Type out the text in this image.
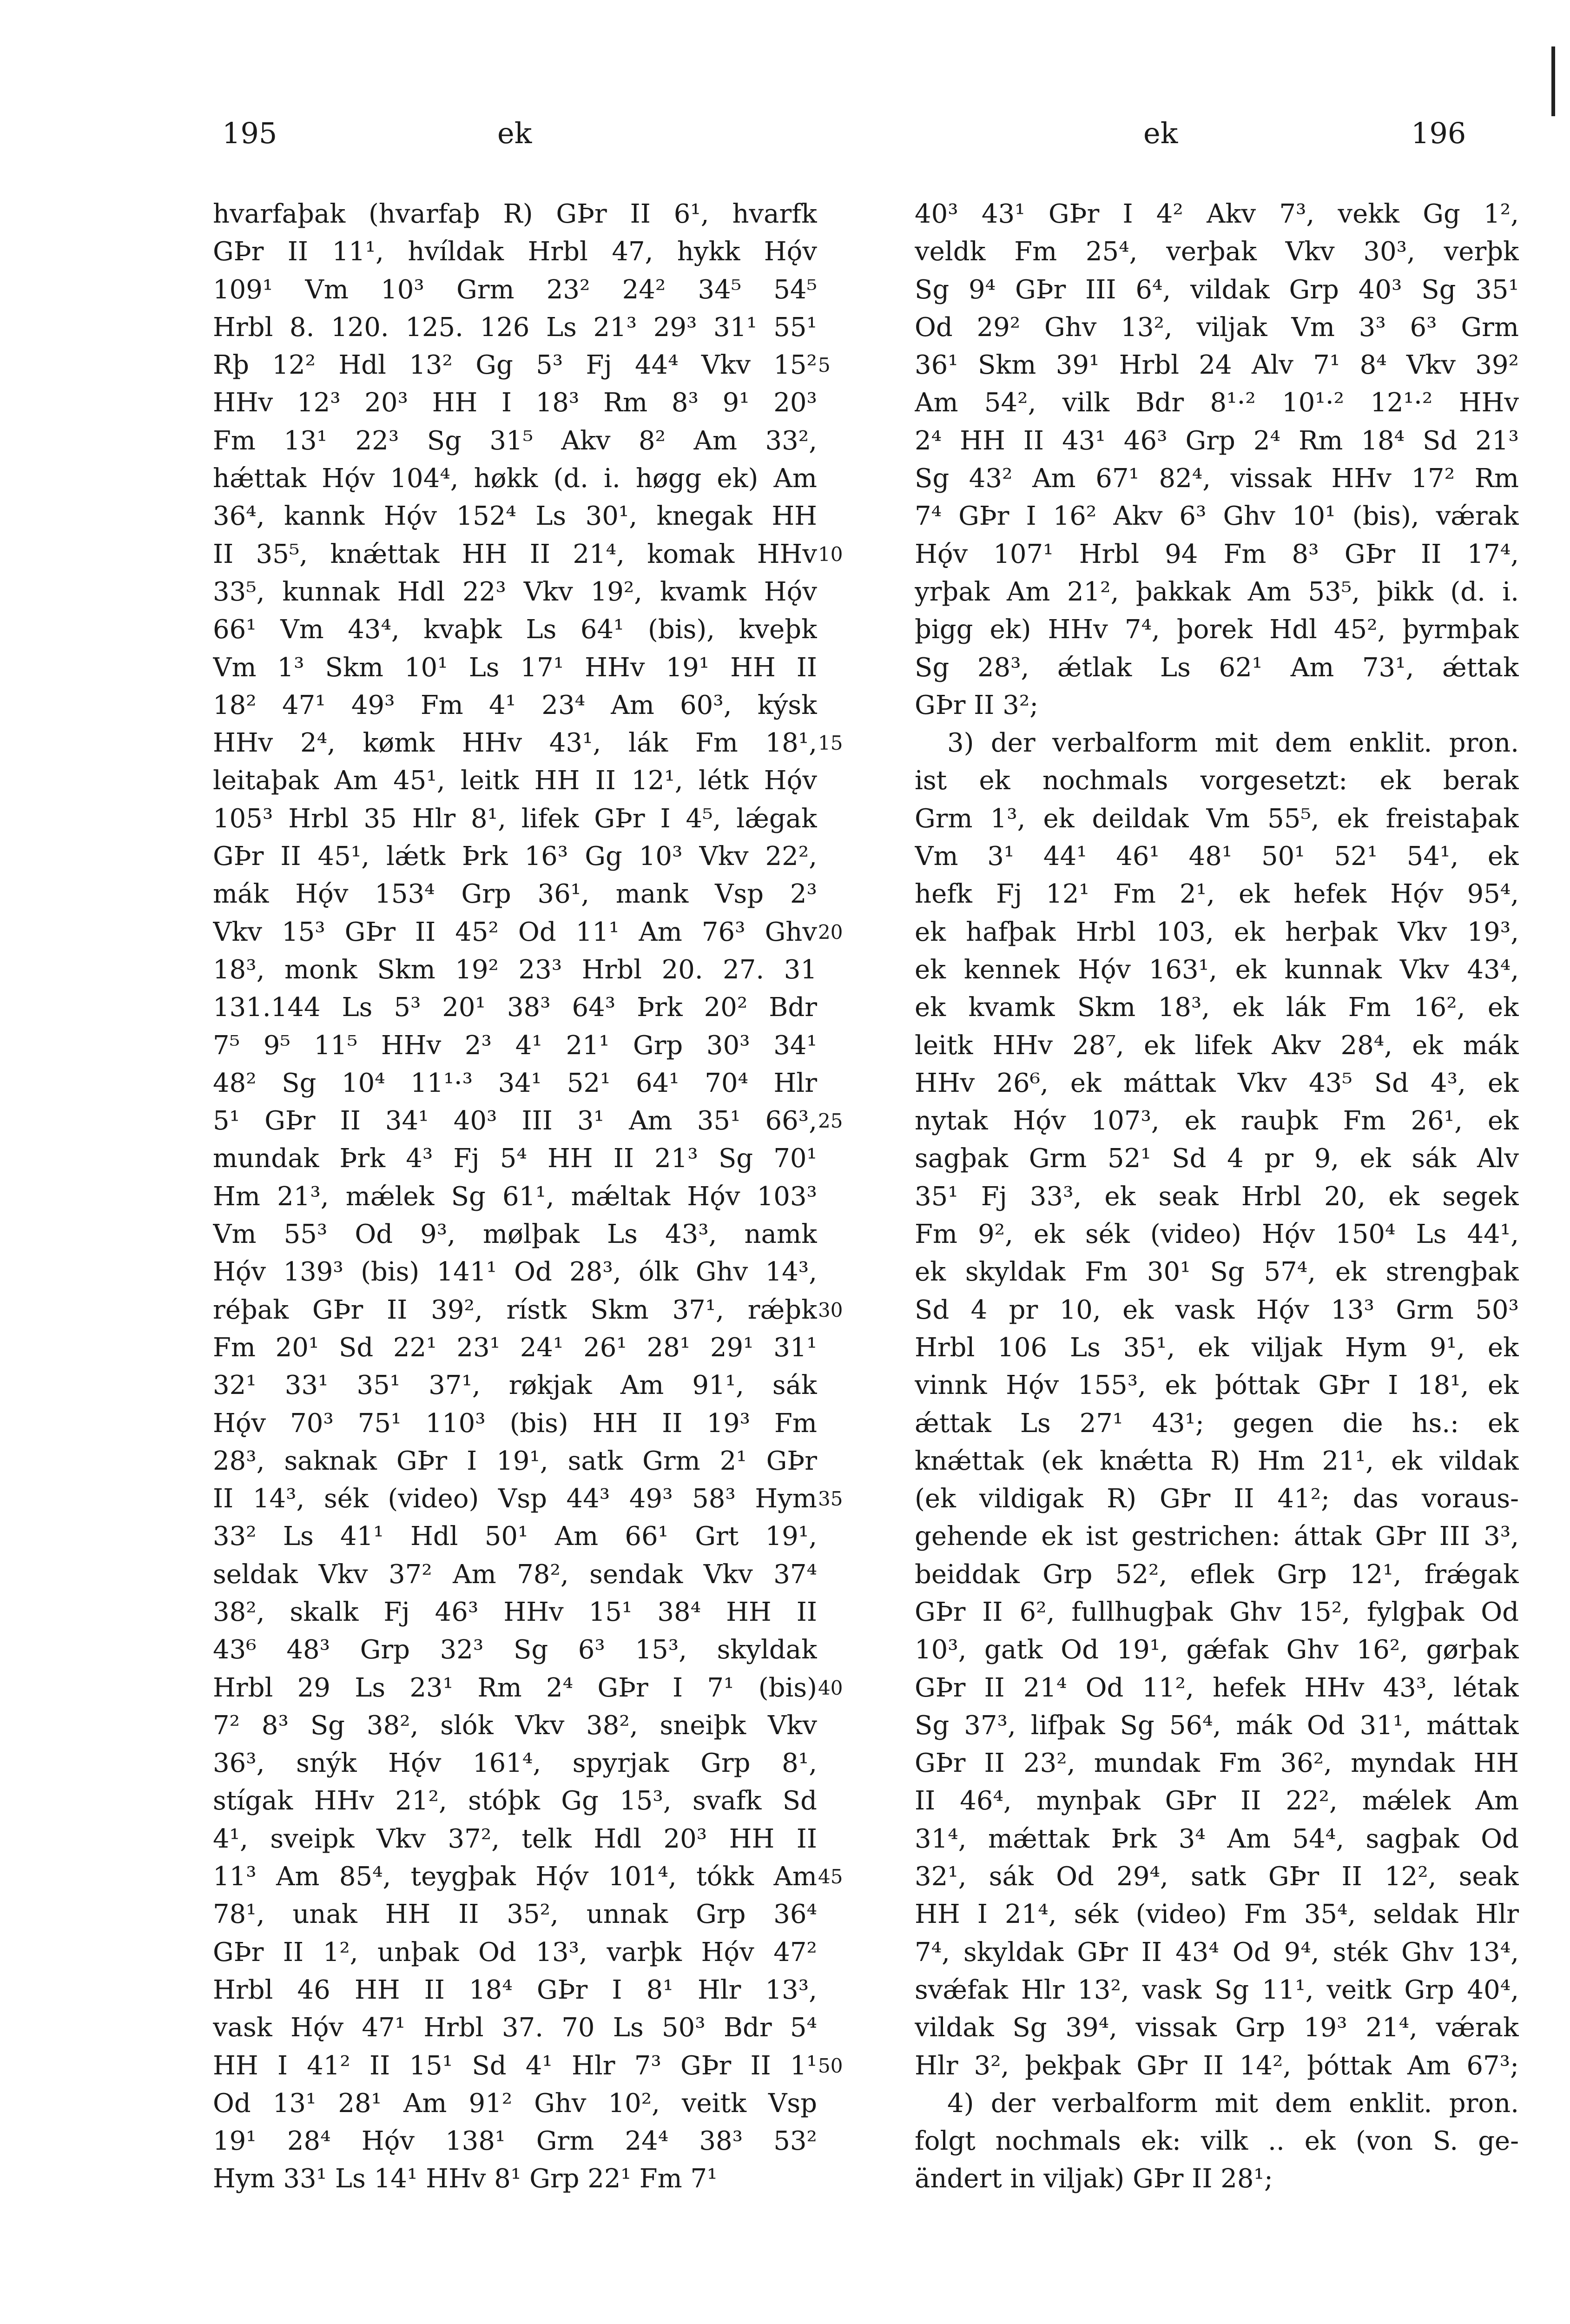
195	ek	ek	196
hvarfaþak (hvarfaþ R) GÞr II 6¹, hvarfk
GÞr II 11¹, hvíldak Hrbl 47, hykk Hǫ́v
109¹ Vm 10³ Grm 23² 24² 34⁵ 54⁵
Hrbl 8. 120. 125. 126 Ls 21³ 29³ 31¹ 55¹
Rþ 12² Hdl 13² Gg 5³ Fj 44⁴ Vkv 15²
HHv 12³ 20³ HH I 18³ Rm 8³ 9¹ 20³
Fm 13¹ 22³ Sg 31⁵ Akv 8² Am 33²,
hǽttak Hǫ́v 104⁴, høkk (d. i. høgg ek) Am
36⁴, kannk Hǫ́v 152⁴ Ls 30¹, knegak HH
II 35⁵, knǽttak HH II 21⁴, komak HHv
33⁵, kunnak Hdl 22³ Vkv 19², kvamk Hǫ́v
66¹ Vm 43⁴, kvaþk Ls 64¹ (bis), kveþk
Vm 1³ Skm 10¹ Ls 17¹ HHv 19¹ HH II
18² 47¹ 49³ Fm 4¹ 23⁴ Am 60³, kýsk
HHv 2⁴, kømk HHv 43¹, lák Fm 18¹,
leitaþak Am 45¹, leitk HH II 12¹, létk Hǫ́v
105³ Hrbl 35 Hlr 8¹, lifek GÞr I 4⁵, lǽgak
GÞr II 45¹, lǽtk Þrk 16³ Gg 10³ Vkv 22²,
mák Hǫ́v 153⁴ Grp 36¹, mank Vsp 2³
Vkv 15³ GÞr II 45² Od 11¹ Am 76³ Ghv
18³, monk Skm 19² 23³ Hrbl 20. 27. 31
131.144 Ls 5³ 20¹ 38³ 64³ Þrk 20² Bdr
7⁵ 9⁵ 11⁵ HHv 2³ 4¹ 21¹ Grp 30³ 34¹
48² Sg 10⁴ 11¹·³ 34¹ 52¹ 64¹ 70⁴ Hlr
5¹ GÞr II 34¹ 40³ III 3¹ Am 35¹ 66³,
mundak Þrk 4³ Fj 5⁴ HH II 21³ Sg 70¹
Hm 21³, mǽlek Sg 61¹, mǽltak Hǫ́v 103³
Vm 55³ Od 9³, mølþak Ls 43³, namk
Hǫ́v 139³ (bis) 141¹ Od 28³, ólk Ghv 14³,
réþak GÞr II 39², rístk Skm 37¹, rǽþk
Fm 20¹ Sd 22¹ 23¹ 24¹ 26¹ 28¹ 29¹ 31¹
32¹ 33¹ 35¹ 37¹, røkjak Am 91¹, sák
Hǫ́v 70³ 75¹ 110³ (bis) HH II 19³ Fm
28³, saknak GÞr I 19¹, satk Grm 2¹ GÞr
II 14³, sék (video) Vsp 44³ 49³ 58³ Hym
33² Ls 41¹ Hdl 50¹ Am 66¹ Grt 19¹,
seldak Vkv 37² Am 78², sendak Vkv 37⁴
38², skalk Fj 46³ HHv 15¹ 38⁴ HH II
43⁶ 48³ Grp 32³ Sg 6³ 15³, skyldak
Hrbl 29 Ls 23¹ Rm 2⁴ GÞr I 7¹ (bis)
7² 8³ Sg 38², slók Vkv 38², sneiþk Vkv
36³, snýk Hǫ́v 161⁴, spyrjak Grp 8¹,
stígak HHv 21², stóþk Gg 15³, svafk Sd
4¹, sveipk Vkv 37², telk Hdl 20³ HH II
11³ Am 85⁴, teygþak Hǫ́v 101⁴, tókk Am
78¹, unak HH II 35², unnak Grp 36⁴
GÞr II 1², unþak Od 13³, varþk Hǫ́v 47²
Hrbl 46 HH II 18⁴ GÞr I 8¹ Hlr 13³,
vask Hǫ́v 47¹ Hrbl 37. 70 Ls 50³ Bdr 5⁴
HH I 41² II 15¹ Sd 4¹ Hlr 7³ GÞr II 1¹
Od 13¹ 28¹ Am 91² Ghv 10², veitk Vsp
19¹ 28⁴ Hǫ́v 138¹ Grm 24⁴ 38³ 53²
Hym 33¹ Ls 14¹ HHv 8¹ Grp 22¹ Fm 7¹
5
10
15
20
25
30
35
40
45
50
40³ 43¹ GÞr I 4² Akv 7³, vekk Gg 1²,
veldk Fm 25⁴, verþak Vkv 30³, verþk
Sg 9⁴ GÞr III 6⁴, vildak Grp 40³ Sg 35¹
Od 29² Ghv 13², viljak Vm 3³ 6³ Grm
36¹ Skm 39¹ Hrbl 24 Alv 7¹ 8⁴ Vkv 39²
Am 54², vilk Bdr 8¹·² 10¹·² 12¹·² HHv
2⁴ HH II 43¹ 46³ Grp 2⁴ Rm 18⁴ Sd 21³
Sg 43² Am 67¹ 82⁴, vissak HHv 17² Rm
7⁴ GÞr I 16² Akv 6³ Ghv 10¹ (bis), vǽrak
Hǫ́v 107¹ Hrbl 94 Fm 8³ GÞr II 17⁴,
yrþak Am 21², þakkak Am 53⁵, þikk (d. i.
þigg ek) HHv 7⁴, þorek Hdl 45², þyrmþak
Sg 28³, ǽtlak Ls 62¹ Am 73¹, ǽttak
GÞr II 3²;
3) der verbalform mit dem enklit. pron.
ist ek nochmals vorgesetzt: ek berak
Grm 1³, ek deildak Vm 55⁵, ek freistaþak
Vm 3¹ 44¹ 46¹ 48¹ 50¹ 52¹ 54¹, ek
hefk Fj 12¹ Fm 2¹, ek hefek Hǫ́v 95⁴,
ek hafþak Hrbl 103, ek herþak Vkv 19³,
ek kennek Hǫ́v 163¹, ek kunnak Vkv 43⁴,
ek kvamk Skm 18³, ek lák Fm 16², ek
leitk HHv 28⁷, ek lifek Akv 28⁴, ek mák
HHv 26⁶, ek máttak Vkv 43⁵ Sd 4³, ek
nytak Hǫ́v 107³, ek rauþk Fm 26¹, ek
sagþak Grm 52¹ Sd 4 pr 9, ek sák Alv
35¹ Fj 33³, ek seak Hrbl 20, ek segek
Fm 9², ek sék (video) Hǫ́v 150⁴ Ls 44¹,
ek skyldak Fm 30¹ Sg 57⁴, ek strengþak
Sd 4 pr 10, ek vask Hǫ́v 13³ Grm 50³
Hrbl 106 Ls 35¹, ek viljak Hym 9¹, ek
vinnk Hǫ́v 155³, ek þóttak GÞr I 18¹, ek
ǽttak Ls 27¹ 43¹; gegen die hs.: ek
knǽttak (ek knǽtta R) Hm 21¹, ek vildak
(ek vildigak R) GÞr II 41²; das voraus-
gehende ek ist gestrichen: áttak GÞr III 3³,
beiddak Grp 52², eflek Grp 12¹, frǽgak
GÞr II 6², fullhugþak Ghv 15², fylgþak Od
10³, gatk Od 19¹, gǽfak Ghv 16², gørþak
GÞr II 21⁴ Od 11², hefek HHv 43³, létak
Sg 37³, lifþak Sg 56⁴, mák Od 31¹, máttak
GÞr II 23², mundak Fm 36², myndak HH
II 46⁴, mynþak GÞr II 22², mǽlek Am
31⁴, mǽttak Þrk 3⁴ Am 54⁴, sagþak Od
32¹, sák Od 29⁴, satk GÞr II 12², seak
HH I 21⁴, sék (video) Fm 35⁴, seldak Hlr
7⁴, skyldak GÞr II 43⁴ Od 9⁴, sték Ghv 13⁴,
svǽfak Hlr 13², vask Sg 11¹, veitk Grp 40⁴,
vildak Sg 39⁴, vissak Grp 19³ 21⁴, vǽrak
Hlr 3², þekþak GÞr II 14², þóttak Am 67³;
4) der verbalform mit dem enklit. pron.
folgt nochmals ek: vilk .. ek (von S. ge-
ändert in viljak) GÞr II 28¹;
